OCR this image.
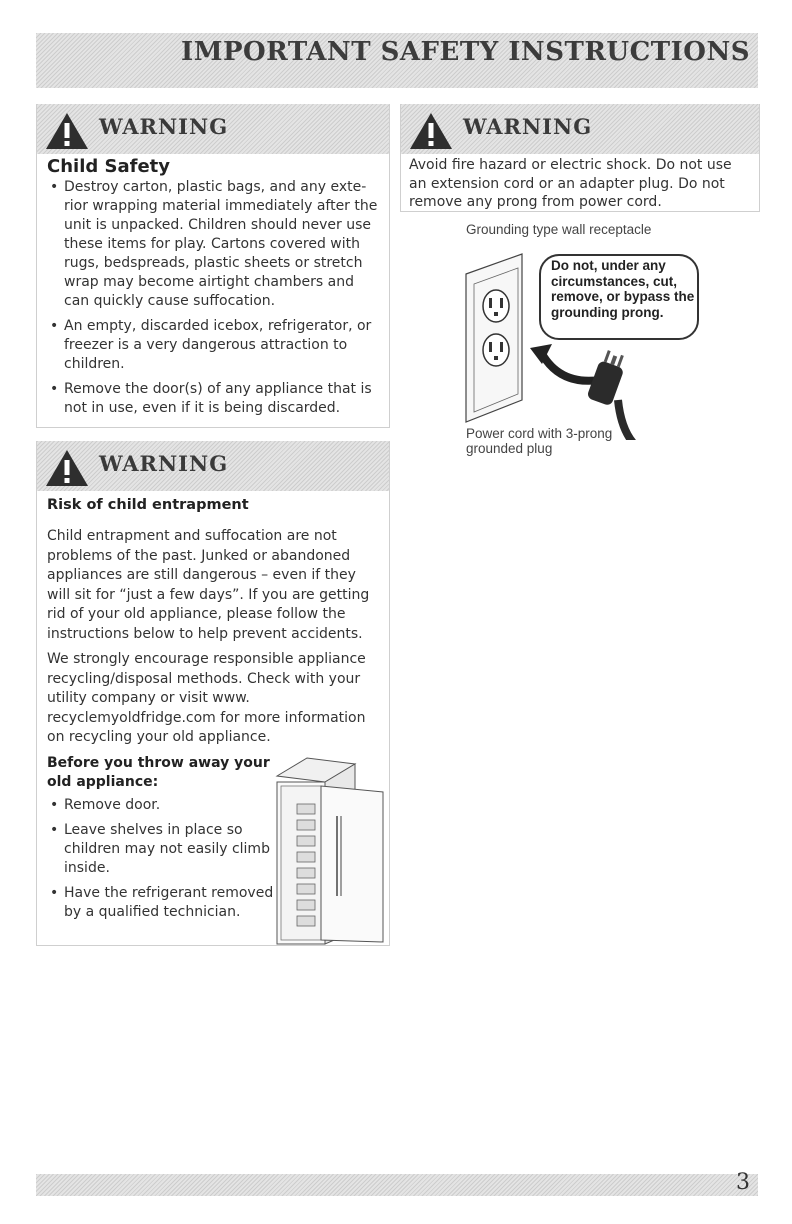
IMPORTANT SAFETY INSTRUCTIONS
WARNING
Child Safety
• Destroy carton, plastic bags, and any exte-rior wrapping material immediately after the unit is unpacked. Children should never use these items for play. Cartons covered with rugs, bedspreads, plastic sheets or stretch wrap may become airtight chambers and can quickly cause suffocation.
• An empty, discarded icebox, refrigerator, or freezer is a very dangerous attraction to children.
• Remove the door(s) of any appliance that is not in use, even if it is being discarded.
WARNING
Risk of child entrapment

Child entrapment and suffocation are not problems of the past. Junked or abandoned appliances are still dangerous – even if they will sit for “just a few days”. If you are getting rid of your old appliance, please follow the instructions below to help prevent accidents.

We strongly encourage responsible appliance recycling/disposal methods. Check with your utility company or visit www. recyclemyoldfridge.com for more information on recycling your old appliance.

Before you throw away your old appliance:
• Remove door.
• Leave shelves in place so children may not easily climb inside.
• Have the refrigerant removed by a qualified technician.
WARNING
Avoid fire hazard or electric shock. Do not use an extension cord or an adapter plug. Do not remove any prong from power cord.
Grounding type wall receptacle
Do not, under any circumstances, cut, remove, or bypass the grounding prong.
Power cord with 3-prong grounded plug
3
